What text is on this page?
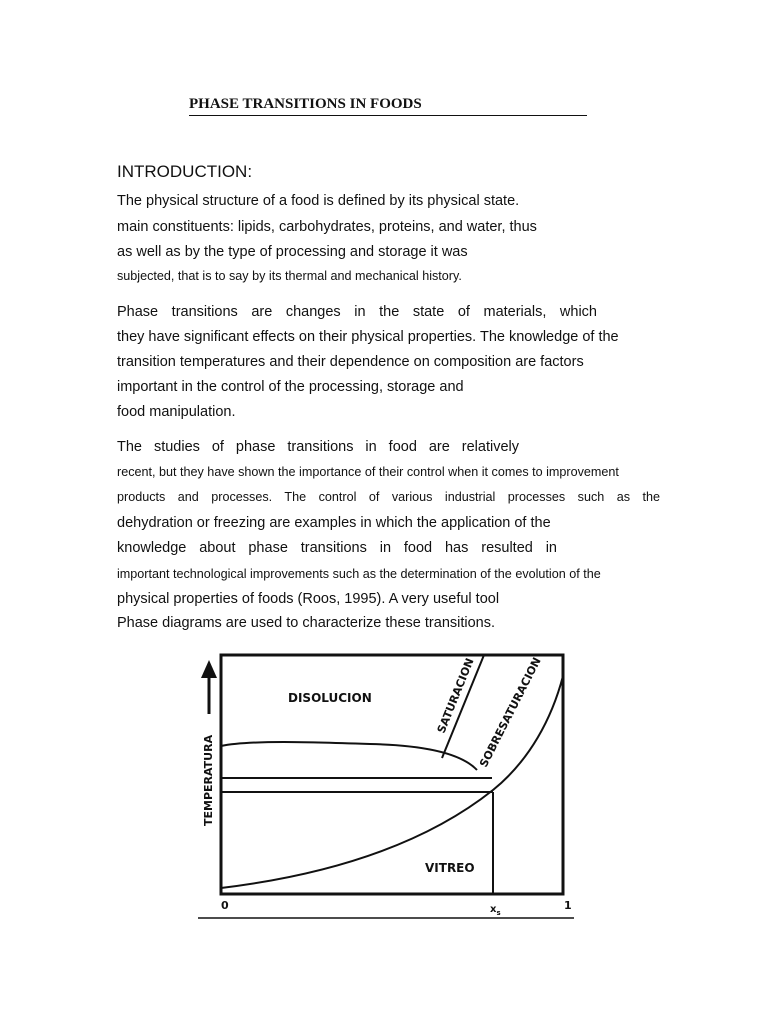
PHASE TRANSITIONS IN FOODS
INTRODUCTION:
The physical structure of a food is defined by its physical state.
main constituents: lipids, carbohydrates, proteins, and water, thus
as well as by the type of processing and storage it was
subjected, that is to say by its thermal and mechanical history.
Phase transitions are changes in the state of materials, which
they have significant effects on their physical properties. The knowledge of the
transition temperatures and their dependence on composition are factors
important in the control of the processing, storage and
food manipulation.
The studies of phase transitions in food are relatively
recent, but they have shown the importance of their control when it comes to improvement
products and processes. The control of various industrial processes such as the
dehydration or freezing are examples in which the application of the
knowledge about phase transitions in food has resulted in
important technological improvements such as the determination of the evolution of the
physical properties of foods (Roos, 1995). A very useful tool
Phase diagrams are used to characterize these transitions.
DISOLUCION
VITREO
SATURACION SOBRESATURACION
TEMPERATURA
0	1
$x_s$
